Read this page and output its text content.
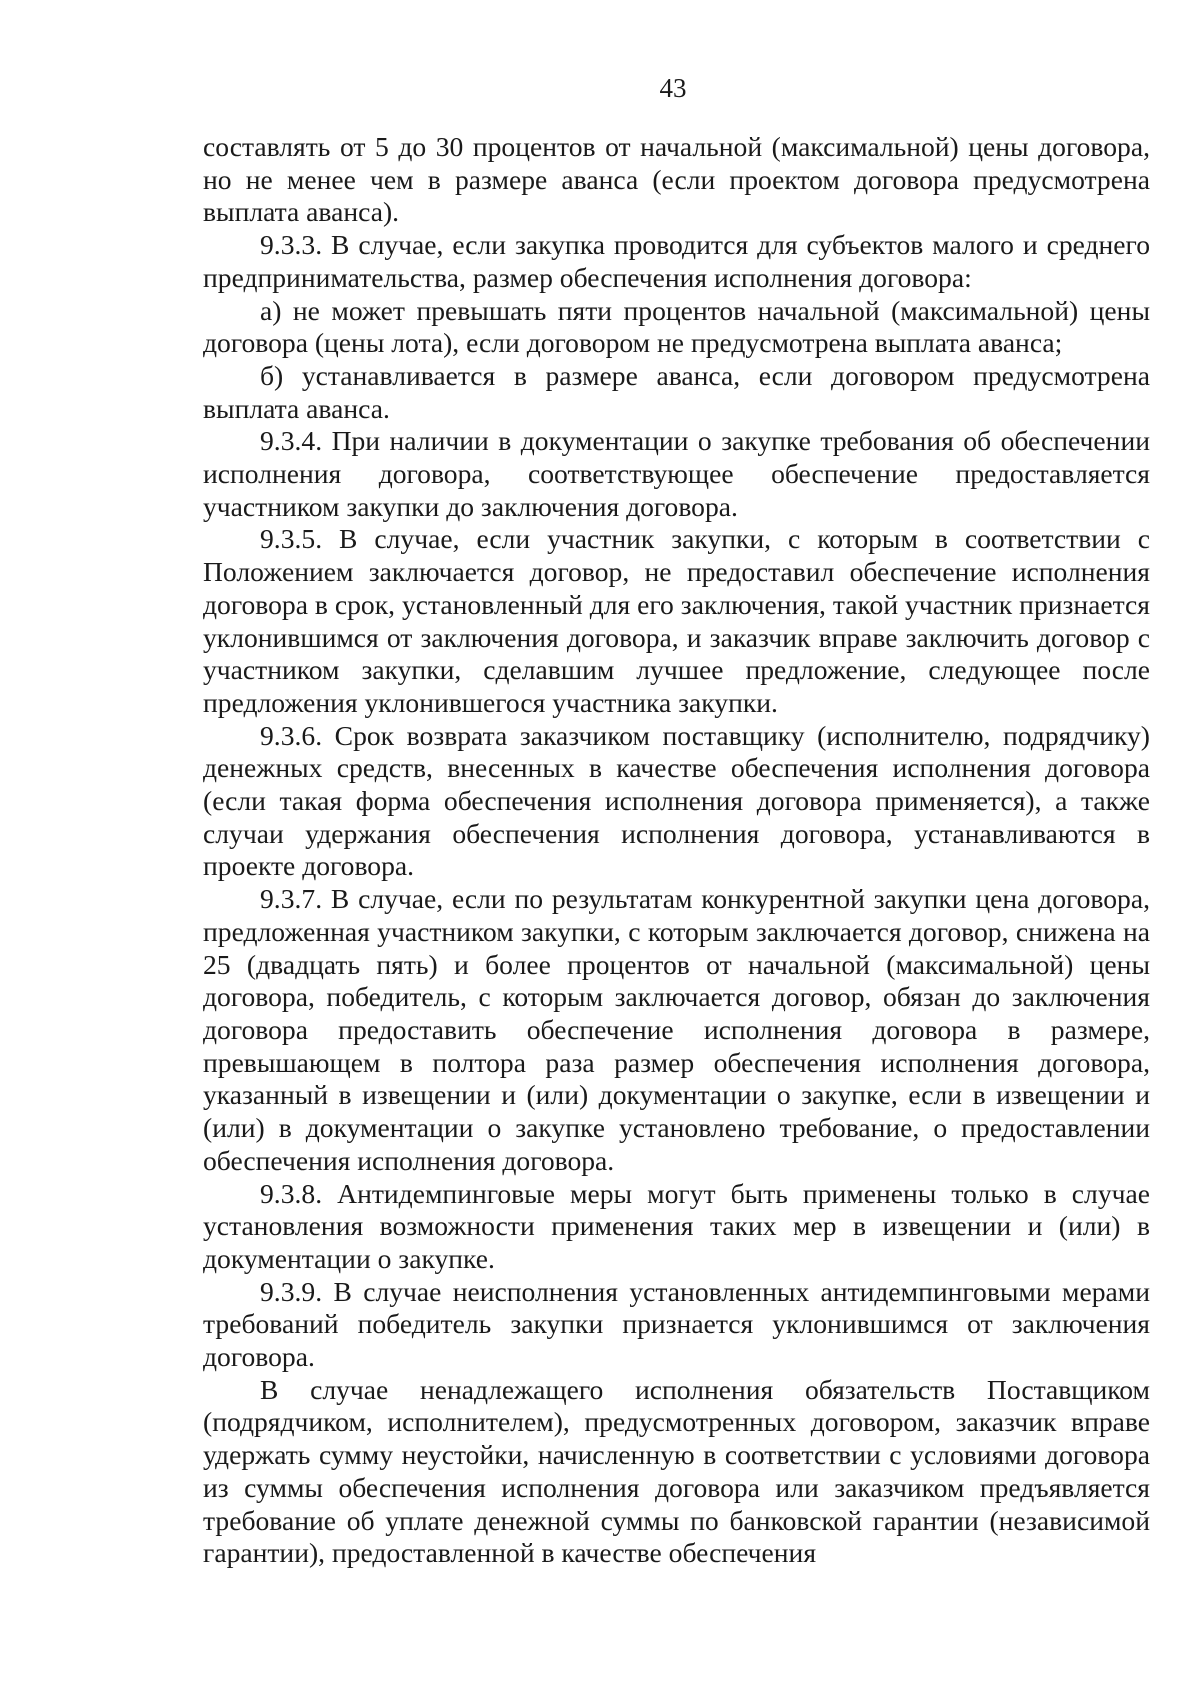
43

составлять от 5 до 30 процентов от начальной (максимальной) цены договора, но не менее чем в размере аванса (если проектом договора предусмотрена выплата аванса).

9.3.3. В случае, если закупка проводится для субъектов малого и среднего предпринимательства, размер обеспечения исполнения договора:

а) не может превышать пяти процентов начальной (максимальной) цены договора (цены лота), если договором не предусмотрена выплата аванса;

б) устанавливается в размере аванса, если договором предусмотрена выплата аванса.

9.3.4. При наличии в документации о закупке требования об обеспечении исполнения договора, соответствующее обеспечение предоставляется участником закупки до заключения договора.

9.3.5. В случае, если участник закупки, с которым в соответствии с Положением заключается договор, не предоставил обеспечение исполнения договора в срок, установленный для его заключения, такой участник признается уклонившимся от заключения договора, и заказчик вправе заключить договор с участником закупки, сделавшим лучшее предложение, следующее после предложения уклонившегося участника закупки.

9.3.6. Срок возврата заказчиком поставщику (исполнителю, подрядчику) денежных средств, внесенных в качестве обеспечения исполнения договора (если такая форма обеспечения исполнения договора применяется), а также случаи удержания обеспечения исполнения договора, устанавливаются в проекте договора.

9.3.7. В случае, если по результатам конкурентной закупки цена договора, предложенная участником закупки, с которым заключается договор, снижена на 25 (двадцать пять) и более процентов от начальной (максимальной) цены договора, победитель, с которым заключается договор, обязан до заключения договора предоставить обеспечение исполнения договора в размере, превышающем в полтора раза размер обеспечения исполнения договора, указанный в извещении и (или) документации о закупке, если в извещении и (или) в документации о закупке установлено требование, о предоставлении обеспечения исполнения договора.

9.3.8. Антидемпинговые меры могут быть применены только в случае установления возможности применения таких мер в извещении и (или) в документации о закупке.

9.3.9. В случае неисполнения установленных антидемпинговыми мерами требований победитель закупки признается уклонившимся от заключения договора.

В случае ненадлежащего исполнения обязательств Поставщиком (подрядчиком, исполнителем), предусмотренных договором, заказчик вправе удержать сумму неустойки, начисленную в соответствии с условиями договора из суммы обеспечения исполнения договора или заказчиком предъявляется требование об уплате денежной суммы по банковской гарантии (независимой гарантии), предоставленной в качестве обеспечения
